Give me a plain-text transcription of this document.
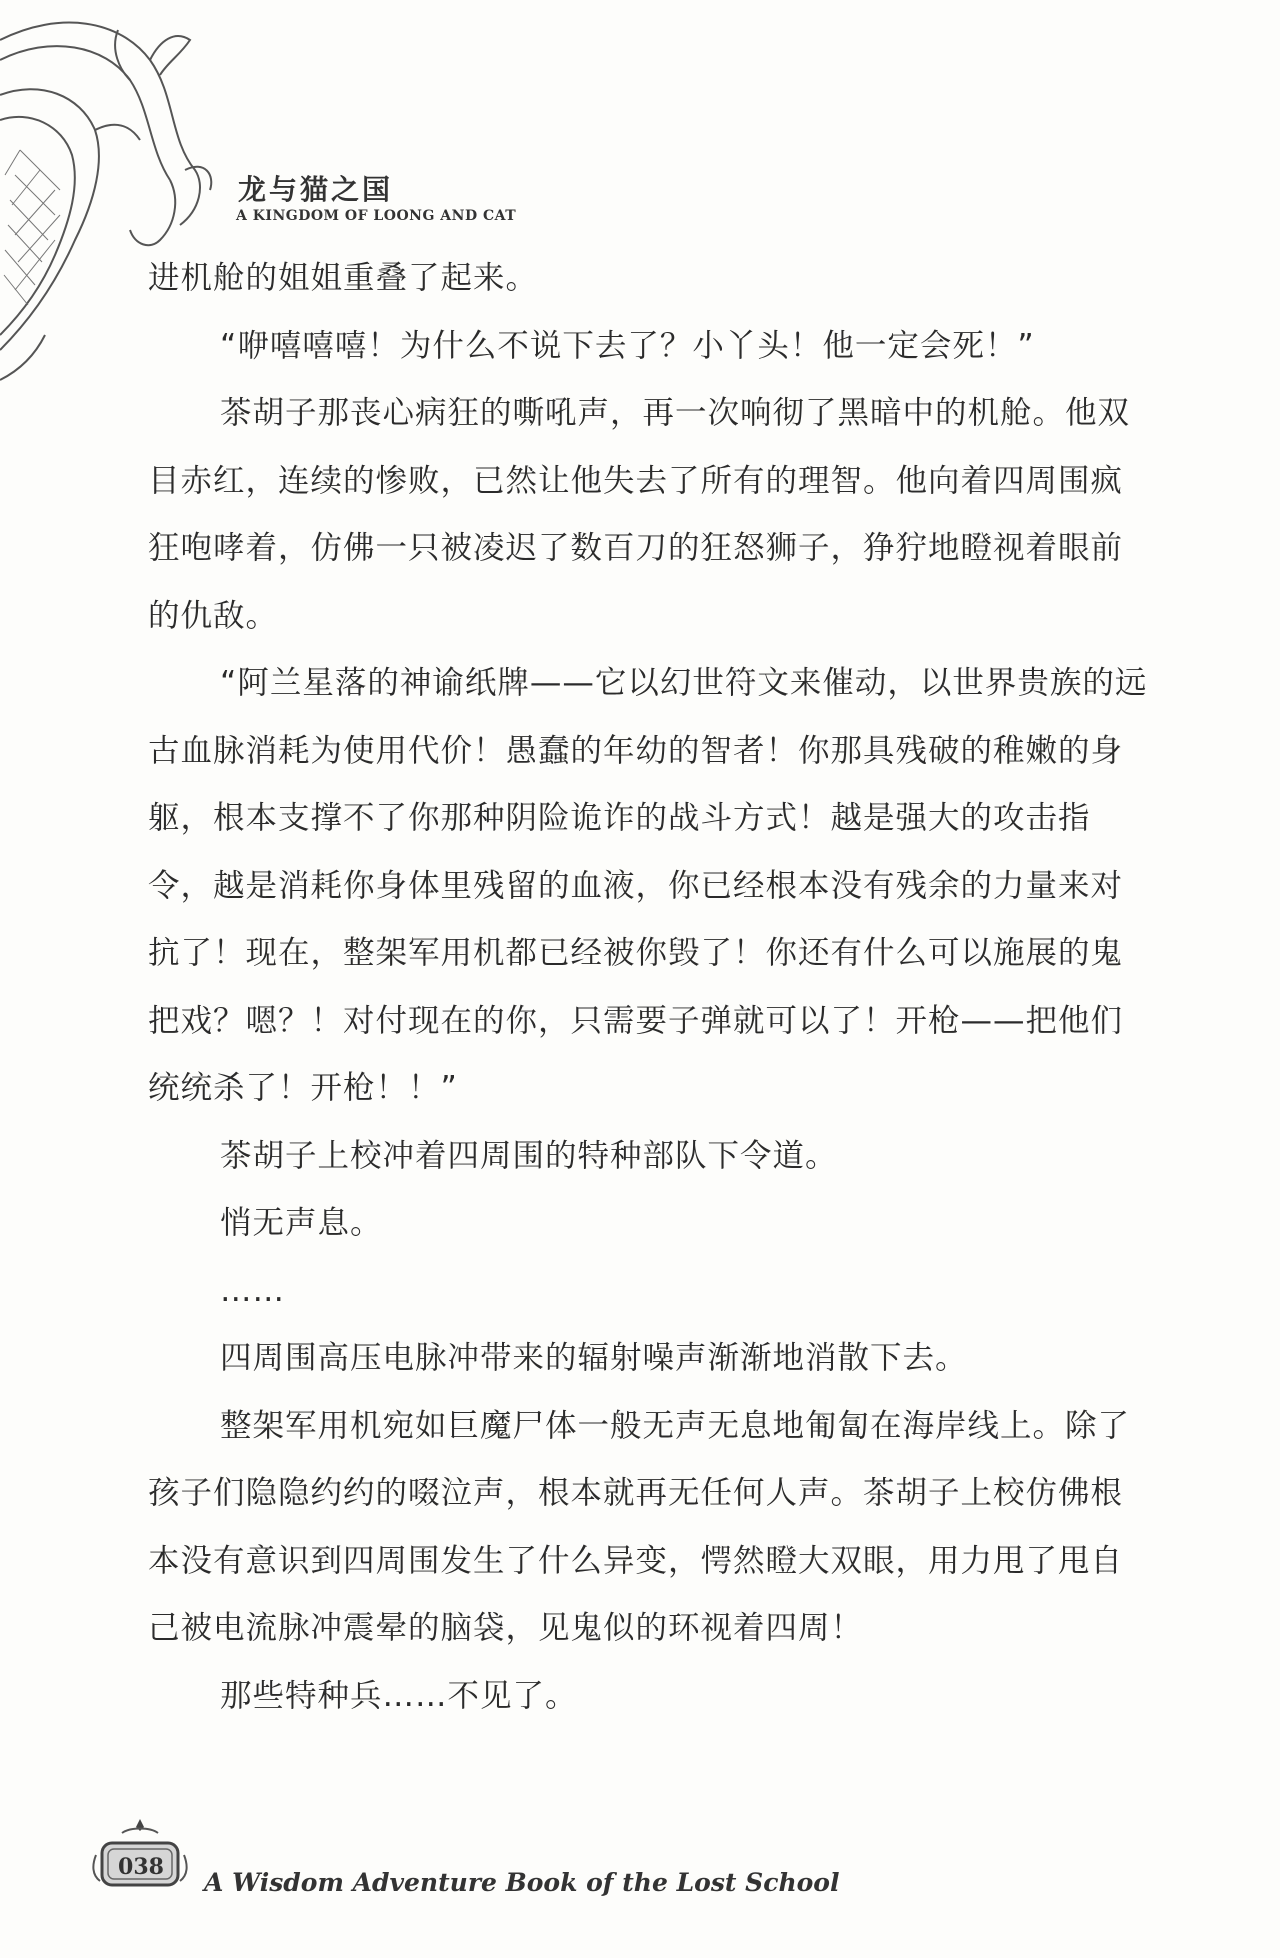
龙与猫之国
A KINGDOM OF LOONG AND CAT

进机舱的姐姐重叠了起来。

“咿嘻嘻嘻！为什么不说下去了？小丫头！他一定会死！”

茶胡子那丧心病狂的嘶吼声，再一次响彻了黑暗中的机舱。他双目赤红，连续的惨败，已然让他失去了所有的理智。他向着四周围疯狂咆哮着，仿佛一只被凌迟了数百刀的狂怒狮子，狰狞地瞪视着眼前的仇敌。

“阿兰星落的神谕纸牌——它以幻世符文来催动，以世界贵族的远古血脉消耗为使用代价！愚蠢的年幼的智者！你那具残破的稚嫩的身躯，根本支撑不了你那种阴险诡诈的战斗方式！越是强大的攻击指令，越是消耗你身体里残留的血液，你已经根本没有残余的力量来对抗了！现在，整架军用机都已经被你毁了！你还有什么可以施展的鬼把戏？嗯？！对付现在的你，只需要子弹就可以了！开枪——把他们统统杀了！开枪！！”

茶胡子上校冲着四周围的特种部队下令道。

悄无声息。

……

四周围高压电脉冲带来的辐射噪声渐渐地消散下去。

整架军用机宛如巨魔尸体一般无声无息地匍匐在海岸线上。除了孩子们隐隐约约的啜泣声，根本就再无任何人声。茶胡子上校仿佛根本没有意识到四周围发生了什么异变，愕然瞪大双眼，用力甩了甩自己被电流脉冲震晕的脑袋，见鬼似的环视着四周！

那些特种兵……不见了。

038
A Wisdom Adventure Book of the Lost School
